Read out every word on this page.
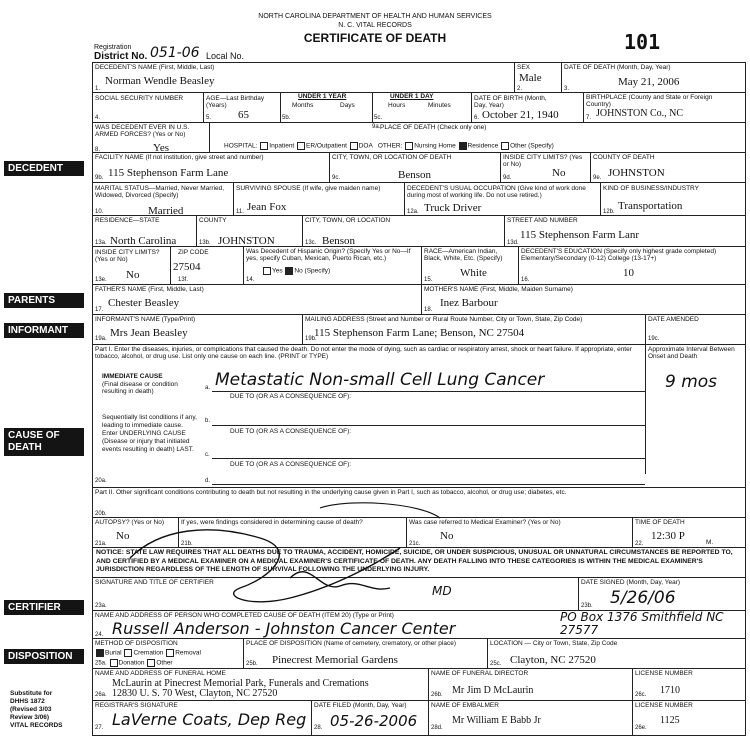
NORTH CAROLINA DEPARTMENT OF HEALTH AND HUMAN SERVICES
N. C. VITAL RECORDS
CERTIFICATE OF DEATH
Registration
District No. 051-06 Local No.
101
DECEDENT
PARENTS
INFORMANT
CAUSE OF DEATH
CERTIFIER
DISPOSITION
DECEDENT'S NAME (First, Middle, Last)
Norman Wendle Beasley
1.
SEX
Male
2.
DATE OF DEATH (Month, Day, Year)
May 21, 2006
3.
SOCIAL SECURITY NUMBER
4.
AGE—Last Birthday (Years)
65
5.
UNDER 1 YEAR
Months	Days
5b.
UNDER 1 DAY
Hours	Minutes
5c.
DATE OF BIRTH (Month, Day, Year)
October 21, 1940
6.
BIRTHPLACE (County and State or Foreign Country)
JOHNSTON Co., NC
7.
WAS DECEDENT EVER IN U.S. ARMED FORCES? (Yes or No)
Yes
8.
PLACE OF DEATH (Check only one)
9a.
HOSPITAL: Inpatient ER/Outpatient DOA OTHER: Nursing Home Residence Other (Specify)
FACILITY NAME (If not institution, give street and number)
115 Stephenson Farm Lane
9b.
CITY, TOWN, OR LOCATION OF DEATH
Benson
9c.
INSIDE CITY LIMITS? (Yes or No)
No
9d.
COUNTY OF DEATH
JOHNSTON
9e.
MARITAL STATUS—Married, Never Married, Widowed, Divorced (Specify)
Married
10.
SURVIVING SPOUSE (If wife, give maiden name)
Jean Fox
11.
DECEDENT'S USUAL OCCUPATION (Give kind of work done during most of working life. Do not use retired.)
Truck Driver
12a.
KIND OF BUSINESS/INDUSTRY
Transportation
12b.
RESIDENCE—STATE
North Carolina
13a.
COUNTY
JOHNSTON
13b.
CITY, TOWN, OR LOCATION
Benson
13c.
STREET AND NUMBER
115 Stephenson Farm Lanr
13d.
INSIDE CITY LIMITS? (Yes or No)
No
13e.
ZIP CODE
27504
13f.
Was Decedent of Hispanic Origin? (Specify Yes or No—If yes, specify Cuban, Mexican, Puerto Rican, etc.)
Yes No (Specify)
14.
RACE—American Indian, Black, White, Etc. (Specify)
White
15.
DECEDENT'S EDUCATION (Specify only highest grade completed) Elementary/Secondary (0-12) College (13-17+)
10
16.
FATHER'S NAME (First, Middle, Last)
Chester Beasley
17.
MOTHER'S NAME (First, Middle, Maiden Surname)
Inez Barbour
18.
INFORMANT'S NAME (Type/Print)
Mrs Jean Beasley
19a.
MAILING ADDRESS (Street and Number or Rural Route Number, City or Town, State, Zip Code)
115 Stephenson Farm Lane; Benson, NC 27504
19b.
DATE AMENDED
19c.
Part I. Enter the diseases, injuries, or complications that caused the death. Do not enter the mode of dying, such as cardiac or respiratory arrest, shock or heart failure. If appropriate, enter tobacco, alcohol, or drug use. List only one cause on each line. (PRINT or TYPE)
Approximate Interval Between Onset and Death
IMMEDIATE CAUSE
(Final disease or condition resulting in death)	a. Metastatic Non-small Cell Lung Cancer	9 mos
DUE TO (OR AS A CONSEQUENCE OF):
Sequentially list conditions if any, leading to immediate cause. Enter UNDERLYING CAUSE (Disease or injury that initiated events resulting in death) LAST.
b.
DUE TO (OR AS A CONSEQUENCE OF):
c.
DUE TO (OR AS A CONSEQUENCE OF):
20a.	d.
Part II. Other significant conditions contributing to death but not resulting in the underlying cause given in Part I, such as tobacco, alcohol, or drug use; diabetes, etc.
20b.
AUTOPSY? (Yes or No)
No
21a.
If yes, were findings considered in determining cause of death?
21b.
Was case referred to Medical Examiner? (Yes or No)
No
21c.
TIME OF DEATH
12:30 P
M.
22.
NOTICE: STATE LAW REQUIRES THAT ALL DEATHS DUE TO TRAUMA, ACCIDENT, HOMICIDE, SUICIDE, OR UNDER SUSPICIOUS, UNUSUAL OR UNNATURAL CIRCUMSTANCES BE REPORTED TO, AND CERTIFIED BY A MEDICAL EXAMINER ON A MEDICAL EXAMINER'S CERTIFICATE OF DEATH. ANY DEATH FALLING INTO THESE CATEGORIES IS WITHIN THE MEDICAL EXAMINER'S JURISDICTION REGARDLESS OF THE LENGTH OF SURVIVAL FOLLOWING THE UNDERLYING INJURY.
SIGNATURE AND TITLE OF CERTIFIER
MD
23a.
DATE SIGNED (Month, Day, Year)
5/26/06
23b.
NAME AND ADDRESS OF PERSON WHO COMPLETED CAUSE OF DEATH (ITEM 20) (Type or Print)
Russell Anderson - Johnston Cancer Center
PO Box 1376 Smithfield NC 27577
24.
METHOD OF DISPOSITION
Burial Cremation Removal
25a. Donation Other
PLACE OF DISPOSITION (Name of cemetery, crematory, or other place)
Pinecrest Memorial Gardens
25b.
LOCATION — City or Town, State, Zip Code
Clayton, NC 27520
25c.
NAME AND ADDRESS OF FUNERAL HOME
McLaurin at Pinecrest Memorial Park, Funerals and Cremations
12830 U. S. 70 West, Clayton, NC 27520
26a.
NAME OF FUNERAL DIRECTOR
Mr Jim D McLaurin
26b.
LICENSE NUMBER
1710
26c.
REGISTRAR'S SIGNATURE
LaVerne Coats, Dep Reg
27.
DATE FILED (Month, Day, Year)
05-26-2006
28.
NAME OF EMBALMER
Mr William E Babb Jr
28d.
LICENSE NUMBER
1125
26e.
Substitute for
DHHS 1872
(Revised 3/03
Review 3/06)
VITAL RECORDS
